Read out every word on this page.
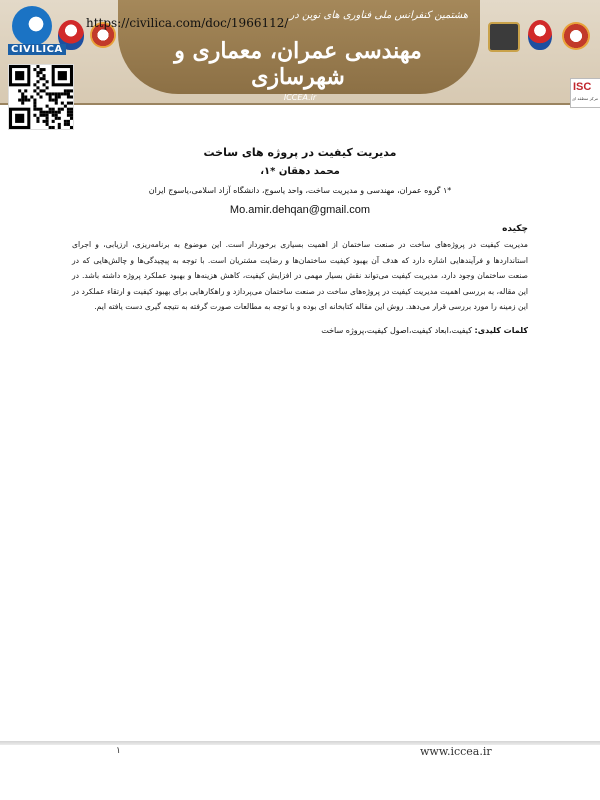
هشتمین کنفرانس ملی فناوری های نوین در
مهندسی عمران، معماری و شهرسازی
ICCEA.ir
CIVILICA
https://civilica.com/doc/1966112/
ISC
مرکز منطقه ای
مدیریت کیفیت در پروژه های ساخت
محمد دهقان *۱،
*۱ گروه عمران، مهندسی و مدیریت ساخت، واحد یاسوج، دانشگاه آزاد اسلامی،یاسوج ایران
Mo.amir.dehqan@gmail.com
چکیده
مدیریت کیفیت در پروژه‌های ساخت در صنعت ساختمان از اهمیت بسیاری برخوردار است. این موضوع به برنامه‌ریزی، ارزیابی، و اجرای استانداردها و فرآیندهایی اشاره دارد که هدف آن بهبود کیفیت ساختمان‌ها و رضایت مشتریان است. با توجه به پیچیدگی‌ها و چالش‌هایی که در صنعت ساختمان وجود دارد، مدیریت کیفیت می‌تواند نقش بسیار مهمی در افزایش کیفیت، کاهش هزینه‌ها و بهبود عملکرد پروژه داشته باشد. در این مقاله، به بررسی اهمیت مدیریت کیفیت در پروژه‌های ساخت در صنعت ساختمان می‌پردازد و راهکارهایی برای بهبود کیفیت و ارتقاء عملکرد در این زمینه را مورد بررسی قرار می‌دهد. روش این مقاله کتابخانه ای بوده و با توجه به مطالعات صورت گرفته به نتیجه گیری دست یافته ایم.
کلمات کلیدی: کیفیت،ابعاد کیفیت،اصول کیفیت،پروژه ساخت
۱	www.iccea.ir
